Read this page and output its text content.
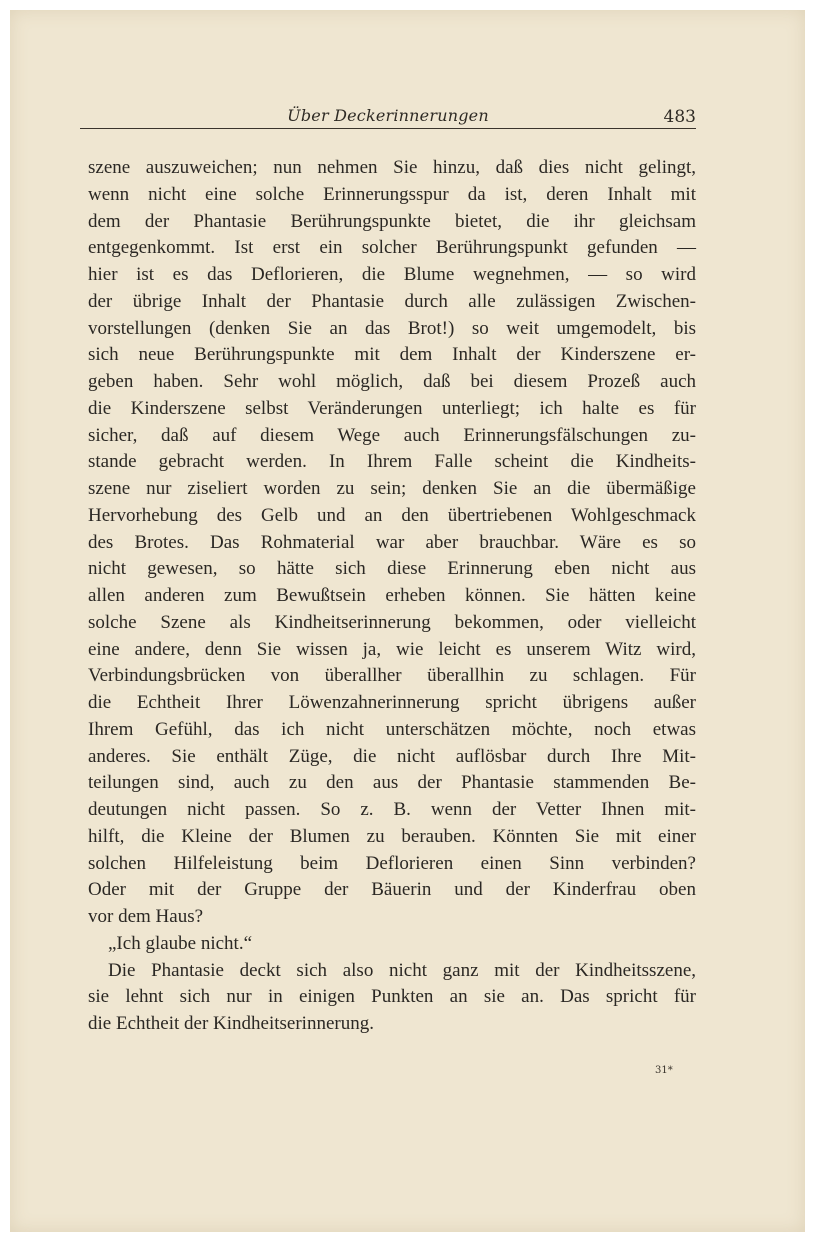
Über Deckerinnerungen	483
szene auszuweichen; nun nehmen Sie hinzu, daß dies nicht gelingt,
wenn nicht eine solche Erinnerungsspur da ist, deren Inhalt mit
dem der Phantasie Berührungspunkte bietet, die ihr gleichsam
entgegenkommt. Ist erst ein solcher Berührungspunkt gefunden —
hier ist es das Deflorieren, die Blume wegnehmen, — so wird
der übrige Inhalt der Phantasie durch alle zulässigen Zwischen-
vorstellungen (denken Sie an das Brot!) so weit umgemodelt, bis
sich neue Berührungspunkte mit dem Inhalt der Kinderszene er-
geben haben. Sehr wohl möglich, daß bei diesem Prozeß auch
die Kinderszene selbst Veränderungen unterliegt; ich halte es für
sicher, daß auf diesem Wege auch Erinnerungsfälschungen zu-
stande gebracht werden. In Ihrem Falle scheint die Kindheits-
szene nur ziseliert worden zu sein; denken Sie an die übermäßige
Hervorhebung des Gelb und an den übertriebenen Wohlgeschmack
des Brotes. Das Rohmaterial war aber brauchbar. Wäre es so
nicht gewesen, so hätte sich diese Erinnerung eben nicht aus
allen anderen zum Bewußtsein erheben können. Sie hätten keine
solche Szene als Kindheitserinnerung bekommen, oder vielleicht
eine andere, denn Sie wissen ja, wie leicht es unserem Witz wird,
Verbindungsbrücken von überallher überallhin zu schlagen. Für
die Echtheit Ihrer Löwenzahnerinnerung spricht übrigens außer
Ihrem Gefühl, das ich nicht unterschätzen möchte, noch etwas
anderes. Sie enthält Züge, die nicht auflösbar durch Ihre Mit-
teilungen sind, auch zu den aus der Phantasie stammenden Be-
deutungen nicht passen. So z. B. wenn der Vetter Ihnen mit-
hilft, die Kleine der Blumen zu berauben. Könnten Sie mit einer
solchen Hilfeleistung beim Deflorieren einen Sinn verbinden?
Oder mit der Gruppe der Bäuerin und der Kinderfrau oben
vor dem Haus?
„Ich glaube nicht.“
Die Phantasie deckt sich also nicht ganz mit der Kindheitsszene,
sie lehnt sich nur in einigen Punkten an sie an. Das spricht für
die Echtheit der Kindheitserinnerung.
31*
